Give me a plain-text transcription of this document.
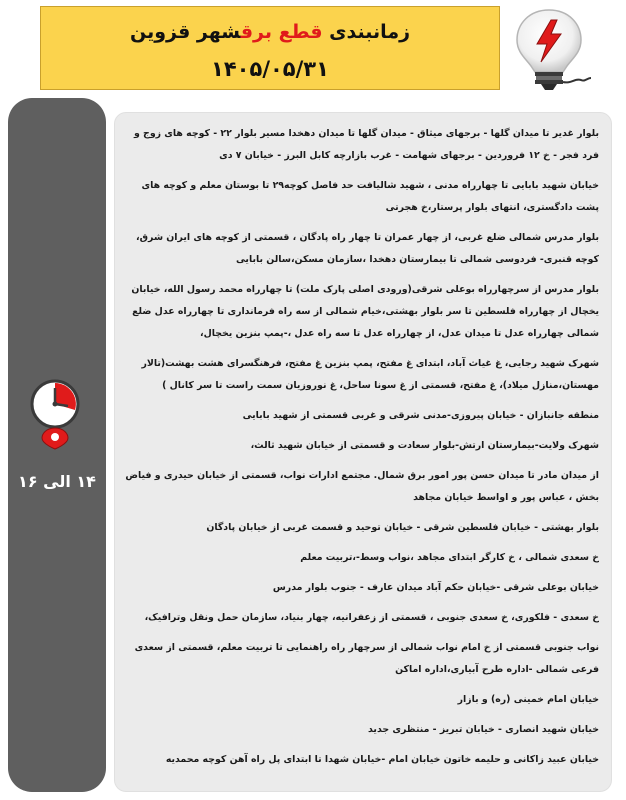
زمانبندی قطع برقشهر قزوین
۱۴۰۵/۰۵/۳۱
۱۴ الی ۱۶
بلوار غدیر تا میدان گلها - برجهای میثاق - میدان گلها تا میدان دهخدا مسیر بلوار ۲۲ - کوچه های زوج و فرد فجر - خ ۱۲ فروردین - برجهای شهامت - غرب بازارچه کابل البرز - خیابان ۷ دی
خیابان شهید بابایی تا چهارراه مدنی ، شهید شالیافت حد فاصل کوچه۲۹ تا بوستان معلم و کوچه های پشت دادگستری، انتهای بلوار پرستار،خ هجرتی
بلوار مدرس شمالی ضلع غربی، از چهار عمران تا چهار راه پادگان ، قسمتی از کوچه های ایران شرق، کوچه قنبری- فردوسی شمالی تا بیمارستان دهخدا ،سازمان مسکن،سالن بابایی
بلوار مدرس از سرچهارراه بوعلی شرقی(ورودی اصلی پارک ملت) تا چهارراه محمد رسول الله، خیابان یخچال از چهارراه فلسطین تا سر بلوار بهشتی،خیام شمالی از سه راه فرمانداری تا چهارراه عدل ضلع شمالی چهارراه عدل تا میدان عدل، از چهارراه عدل تا سه راه عدل ،-پمپ بنزین یخچال،
شهرک شهید رجایی، غ غیاث آباد، ابتدای غ مفتح، پمپ بنزین غ مفتح، فرهنگسرای هشت بهشت(تالار مهستان،منازل میلاد)، غ مفتح، قسمتی از غ سونا ساحل، غ نوروزیان سمت راست تا سر کانال )
منطقه جانبازان - خیابان پیروزی-مدنی شرقی و غربی قسمتی از شهید بابایی
شهرک ولایت-بیمارستان ارتش-بلوار سعادت و قسمتی از خیابان شهید ثالث،
از میدان مادر تا میدان حسن پور امور برق شمال. مجتمع ادارات نواب، قسمتی از خیابان حیدری و فیاض بخش ، عباس پور و اواسط خیابان مجاهد
بلوار بهشتی - خیابان فلسطین شرقی - خیابان توحید و قسمت غربی از خیابان پادگان
خ سعدی شمالی ، خ کارگر ابتدای مجاهد ،نواب وسط-،تربیت معلم
خیابان بوعلی شرقی -خیابان حکم آباد میدان عارف - جنوب بلوار مدرس
خ سعدی - فلکوری، خ سعدی جنوبی ، قسمتی از زعفرانیه، چهار بنیاد، سازمان حمل ونقل وترافیک،
نواب جنوبی قسمتی از خ امام نواب شمالی از سرچهار راه راهنمایی تا تربیت معلم، قسمتی از سعدی فرعی شمالی -اداره طرح آبیاری،اداره اماکن
خیابان امام خمینی (ره) و بازار
خیابان شهید انصاری - خیابان تبریز - منتظری جدید
خیابان عبید زاکانی و حلیمه خاتون خیابان امام -خیابان شهدا تا ابتدای پل راه آهن کوچه محمدیه
